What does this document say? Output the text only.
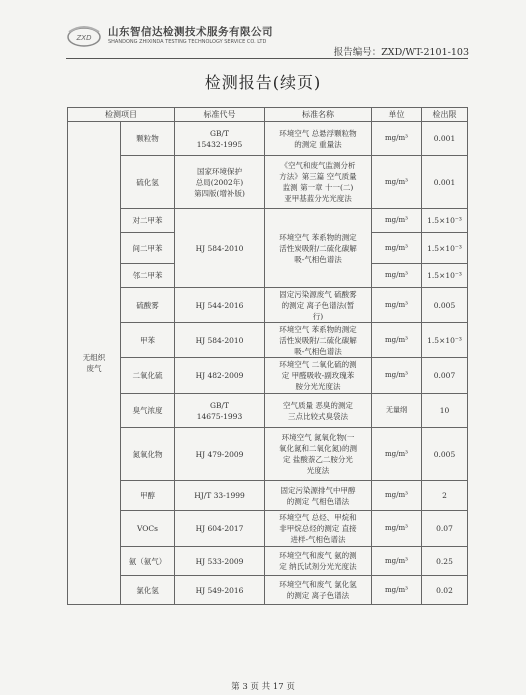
ZXD 山东智信达检测技术服务有限公司
SHANDONG ZHIXINDA TESTING TECHNOLOGY SERVICE CO. LTD
报告编号：ZXD/WT-2101-103
检测报告(续页)
检测项目		标准代号	标准名称	单位	检出限
无组织
废气	颗粒物	GB/T
15432-1995	环境空气 总悬浮颗粒物
的测定 重量法	mg/m³	0.001
	硫化氢	国家环境保护
总局(2002年)
第四版(增补版)	《空气和废气监测分析
方法》第三篇 空气质量
监测 第一章 十一(二)
亚甲基蓝分光光度法	mg/m³	0.001
	对二甲苯	HJ 584-2010	环境空气 苯系物的测定
活性炭吸附/二硫化碳解
吸-气相色谱法	mg/m³	1.5×10⁻³
	间二甲苯			mg/m³	1.5×10⁻³
	邻二甲苯			mg/m³	1.5×10⁻³
	硫酸雾	HJ 544-2016	固定污染源废气 硫酸雾
的测定 离子色谱法(暂
行)	mg/m³	0.005
	甲苯	HJ 584-2010	环境空气 苯系物的测定
活性炭吸附/二硫化碳解
吸-气相色谱法	mg/m³	1.5×10⁻³
	二氧化硫	HJ 482-2009	环境空气 二氧化硫的测
定 甲醛吸收-副玫瑰苯
胺分光光度法	mg/m³	0.007
	臭气浓度	GB/T
14675-1993	空气质量 恶臭的测定
三点比较式臭袋法	无量纲	10
	氮氧化物	HJ 479-2009	环境空气 氮氧化物(一
氧化氮和二氧化氮)的测
定 盐酸萘乙二胺分光
光度法	mg/m³	0.005
	甲醇	HJ/T 33-1999	固定污染源排气中甲醇
的测定 气相色谱法	mg/m³	2
	VOCs	HJ 604-2017	环境空气 总烃、甲烷和
非甲烷总烃的测定 直接
进样-气相色谱法	mg/m³	0.07
	氨（氨气）	HJ 533-2009	环境空气和废气 氨的测
定 纳氏试剂分光光度法	mg/m³	0.25
	氯化氢	HJ 549-2016	环境空气和废气 氯化氢
的测定 离子色谱法	mg/m³	0.02
第 3 页 共 17 页
